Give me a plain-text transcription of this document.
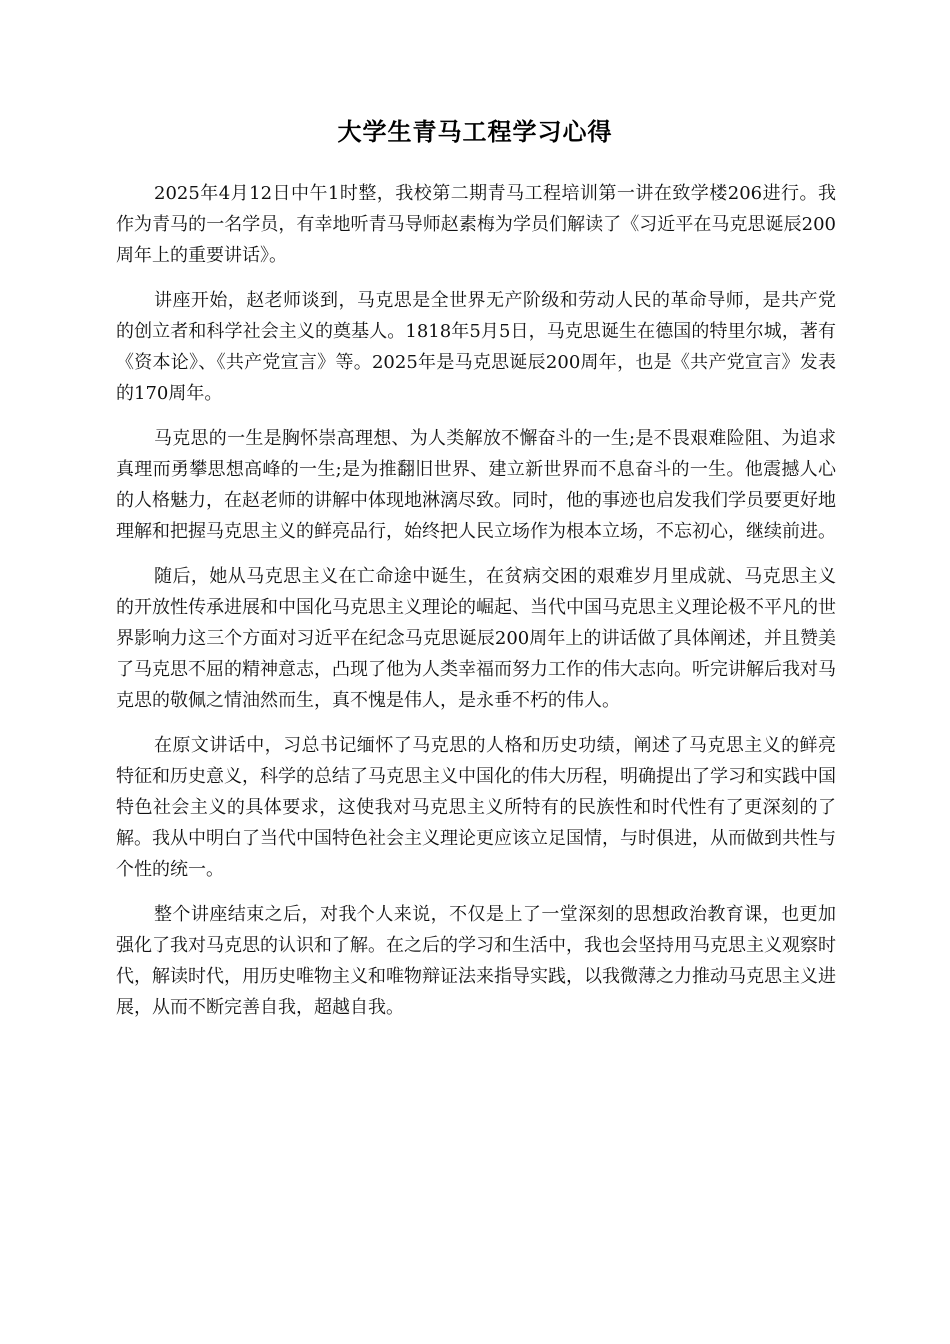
大学生青马工程学习心得

2025年4月12日中午1时整，我校第二期青马工程培训第一讲在致学楼206进行。我作为青马的一名学员，有幸地听青马导师赵素梅为学员们解读了《习近平在马克思诞辰200周年上的重要讲话》。

讲座开始，赵老师谈到，马克思是全世界无产阶级和劳动人民的革命导师，是共产党的创立者和科学社会主义的奠基人。1818年5月5日，马克思诞生在德国的特里尔城，著有《资本论》、《共产党宣言》等。2025年是马克思诞辰200周年，也是《共产党宣言》发表的170周年。

马克思的一生是胸怀崇高理想、为人类解放不懈奋斗的一生;是不畏艰难险阻、为追求真理而勇攀思想高峰的一生;是为推翻旧世界、建立新世界而不息奋斗的一生。他震撼人心的人格魅力，在赵老师的讲解中体现地淋漓尽致。同时，他的事迹也启发我们学员要更好地理解和把握马克思主义的鲜亮品行，始终把人民立场作为根本立场，不忘初心，继续前进。

随后，她从马克思主义在亡命途中诞生，在贫病交困的艰难岁月里成就、马克思主义的开放性传承进展和中国化马克思主义理论的崛起、当代中国马克思主义理论极不平凡的世界影响力这三个方面对习近平在纪念马克思诞辰200周年上的讲话做了具体阐述，并且赞美了马克思不屈的精神意志，凸现了他为人类幸福而努力工作的伟大志向。听完讲解后我对马克思的敬佩之情油然而生，真不愧是伟人，是永垂不朽的伟人。

在原文讲话中，习总书记缅怀了马克思的人格和历史功绩，阐述了马克思主义的鲜亮特征和历史意义，科学的总结了马克思主义中国化的伟大历程，明确提出了学习和实践中国特色社会主义的具体要求，这使我对马克思主义所特有的民族性和时代性有了更深刻的了解。我从中明白了当代中国特色社会主义理论更应该立足国情，与时俱进，从而做到共性与个性的统一。

整个讲座结束之后，对我个人来说，不仅是上了一堂深刻的思想政治教育课，也更加强化了我对马克思的认识和了解。在之后的学习和生活中，我也会坚持用马克思主义观察时代，解读时代，用历史唯物主义和唯物辩证法来指导实践，以我微薄之力推动马克思主义进展，从而不断完善自我，超越自我。
